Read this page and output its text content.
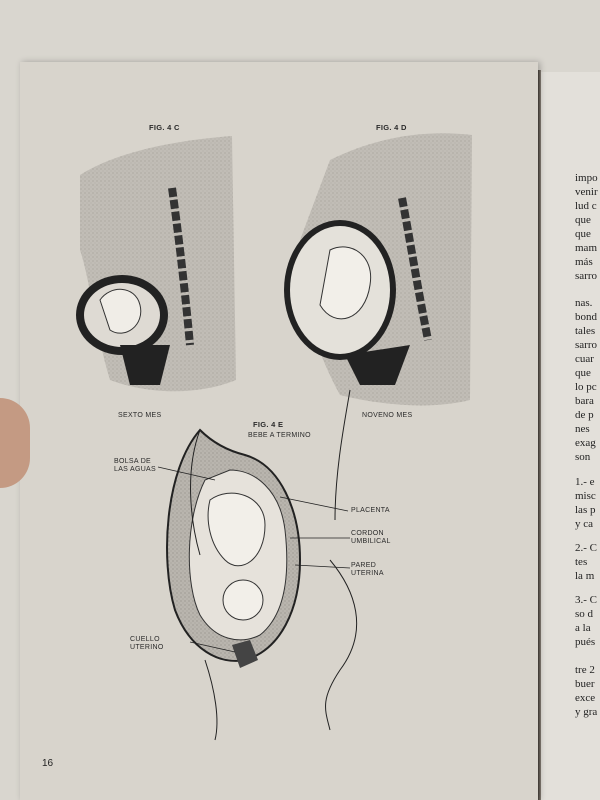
FIG. 4 C	FIG. 4 D
SEXTO MES	NOVENO MES
FIG. 4 E
BEBE A TERMINO
BOLSA DE
LAS AGUAS
PLACENTA
CORDON
UMBILICAL
PARED
UTERINA
CUELLO
UTERINO
16
impo
venir
lud c
que
que
mam
más
sarro
nas.
bond
tales
sarro
cuar
que
lo pc
bara
de p
nes
exag
son
1.- e
misc
las p
y ca
2.- C
tes
la m
3.- C
so d
a la
pués
tre 2
buer
exce
y gra
